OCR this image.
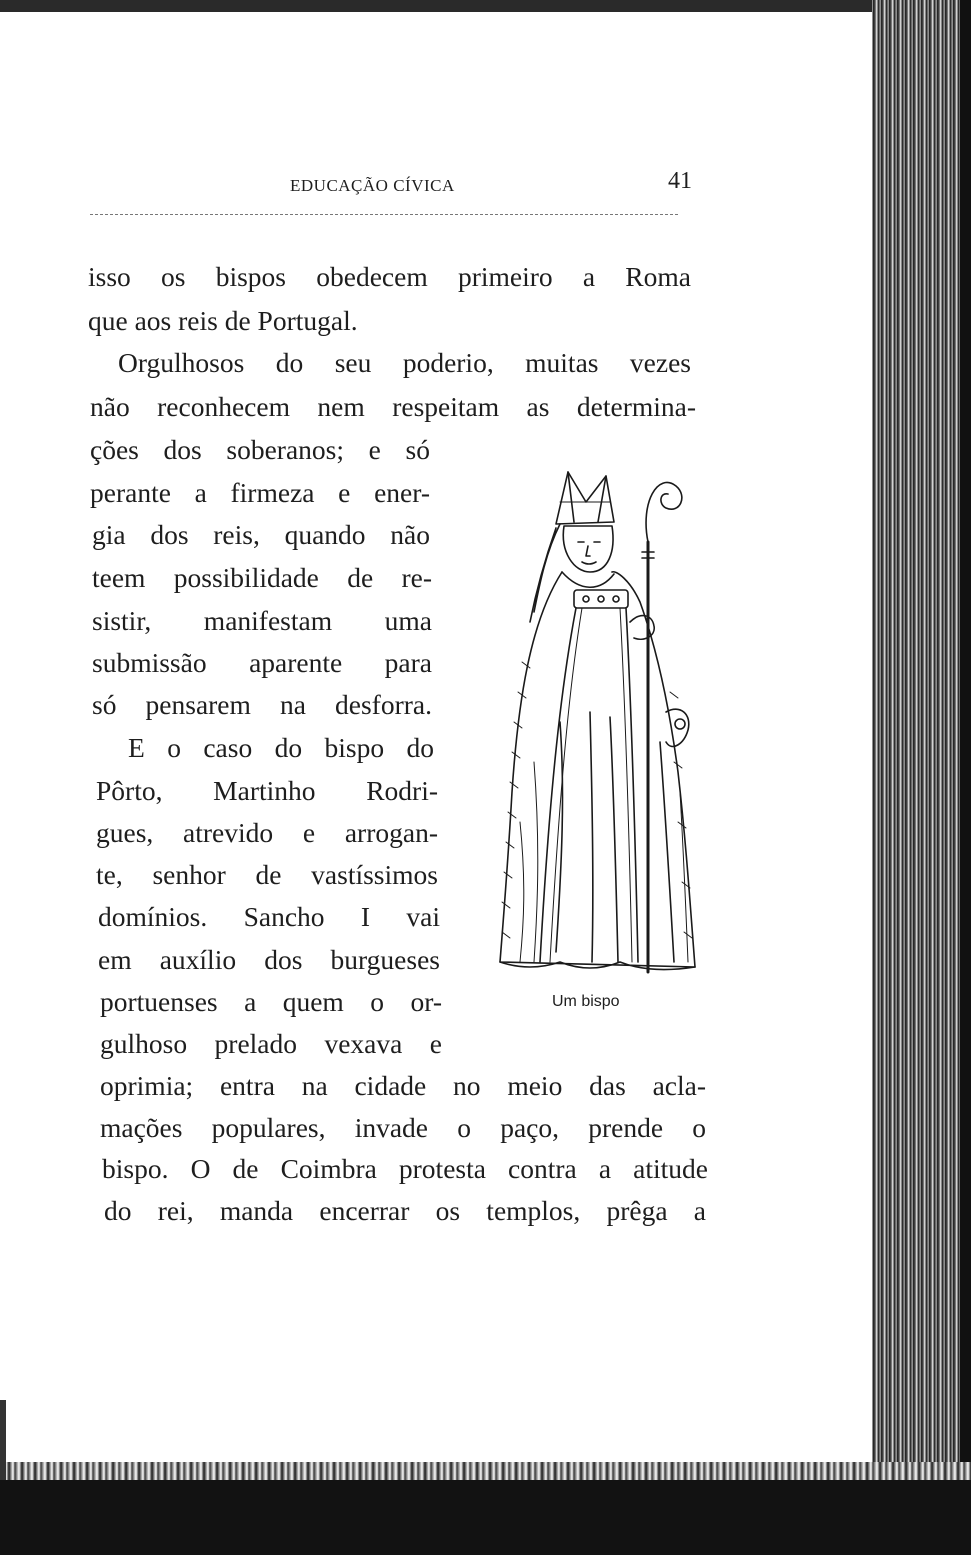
EDUCAÇÃO CÍVICA	41
isso os bispos obedecem primeiro a Roma
que aos reis de Portugal.
Orgulhosos do seu poderio, muitas vezes
não reconhecem nem respeitam as determina-
ções dos soberanos; e só
perante a firmeza e ener-
gia dos reis, quando não
teem possibilidade de re-
sistir, manifestam uma
submissão aparente para
só pensarem na desforra.
E o caso do bispo do
Pôrto, Martinho Rodri-
gues, atrevido e arrogan-
te, senhor de vastíssimos
domínios. Sancho I vai
em auxílio dos burgueses
portuenses a quem o or-
gulhoso prelado vexava e
oprimia; entra na cidade no meio das acla-
mações populares, invade o paço, prende o
bispo. O de Coimbra protesta contra a atitude
do rei, manda encerrar os templos, prêga a
Um bispo
